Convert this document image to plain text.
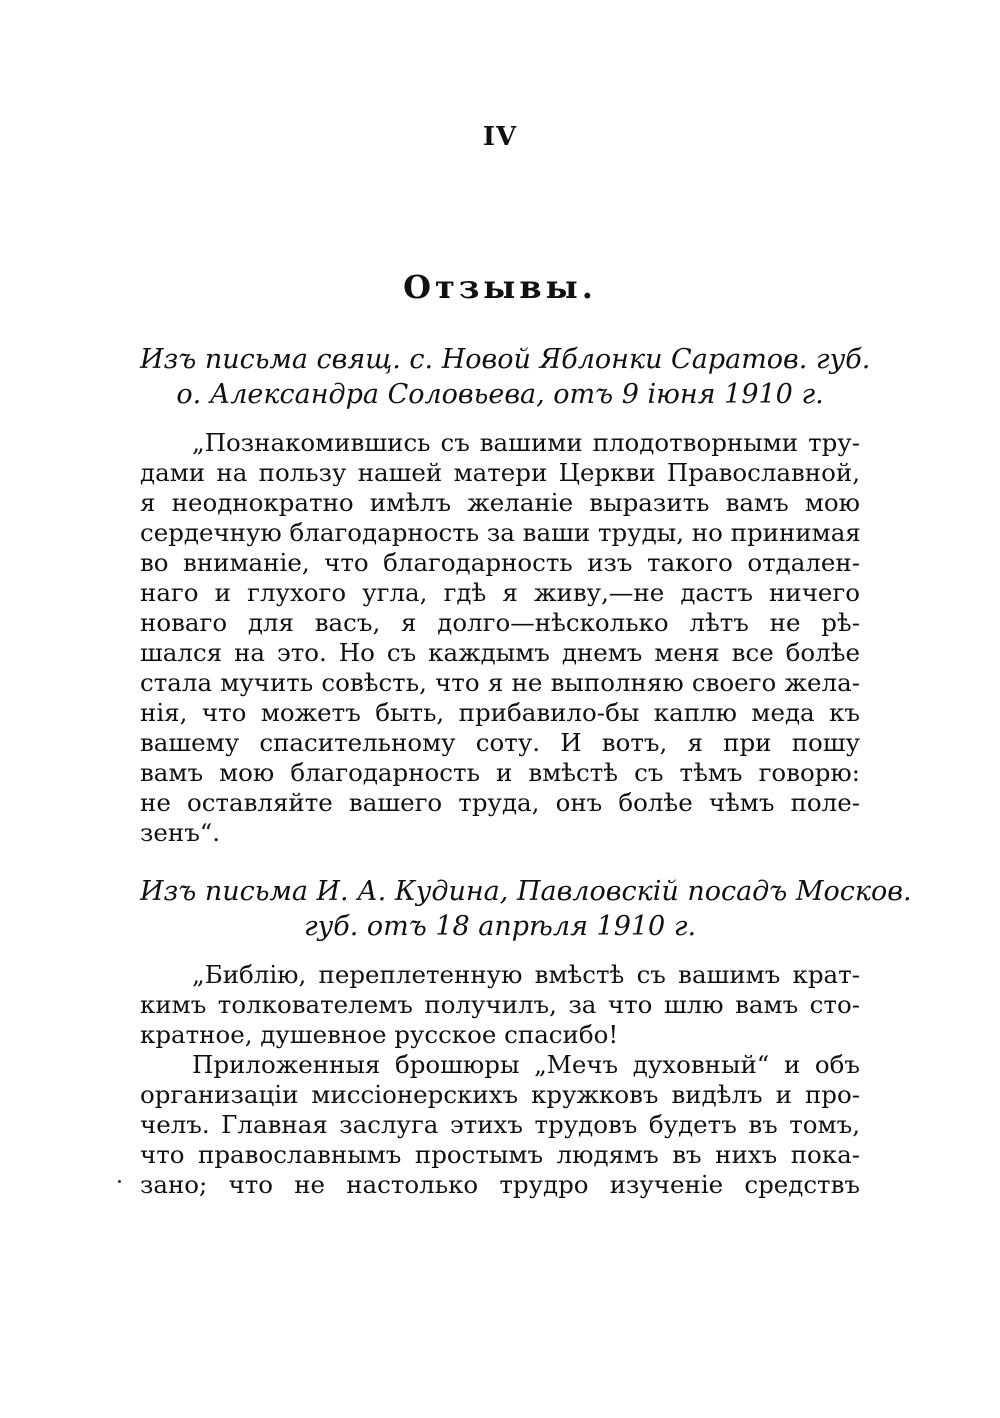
IV
Отзывы.
Изъ письма свящ. с. Новой Яблонки Саратов. губ.
о. Александра Соловьева, отъ 9 іюня 1910 г.
„Познакомившись съ вашими плодотворными тру-
дами на пользу нашей матери Церкви Православной,
я неоднократно имѣлъ желаніе выразить вамъ мою
сердечную благодарность за ваши труды, но принимая
во вниманіе, что благодарность изъ такого отдален-
наго и глухого угла, гдѣ я живу,—не дастъ ничего
новаго для васъ, я долго—нѣсколько лѣтъ не рѣ-
шался на это. Но съ каждымъ днемъ меня все болѣе
стала мучить совѣсть, что я не выполняю своего жела-
нія, что можетъ быть, прибавило-бы каплю меда къ
вашему спасительному соту. И вотъ, я при пошу
вамъ мою благодарность и вмѣстѣ съ тѣмъ говорю:
не оставляйте вашего труда, онъ болѣе чѣмъ поле-
зенъ“.
Изъ письма И. А. Кудина, Павловскій посадъ Москов.
губ. отъ 18 апрѣля 1910 г.
„Библію, переплетенную вмѣстѣ съ вашимъ крат-
кимъ толкователемъ получилъ, за что шлю вамъ сто-
кратное, душевное русское спасибо!
Приложенныя брошюры „Мечъ духовный“ и объ
организаціи миссіонерскихъ кружковъ видѣлъ и про-
челъ. Главная заслуга этихъ трудовъ будетъ въ томъ,
что православнымъ простымъ людямъ въ нихъ пока-
зано; что не настолько трудро изученіе средствъ
